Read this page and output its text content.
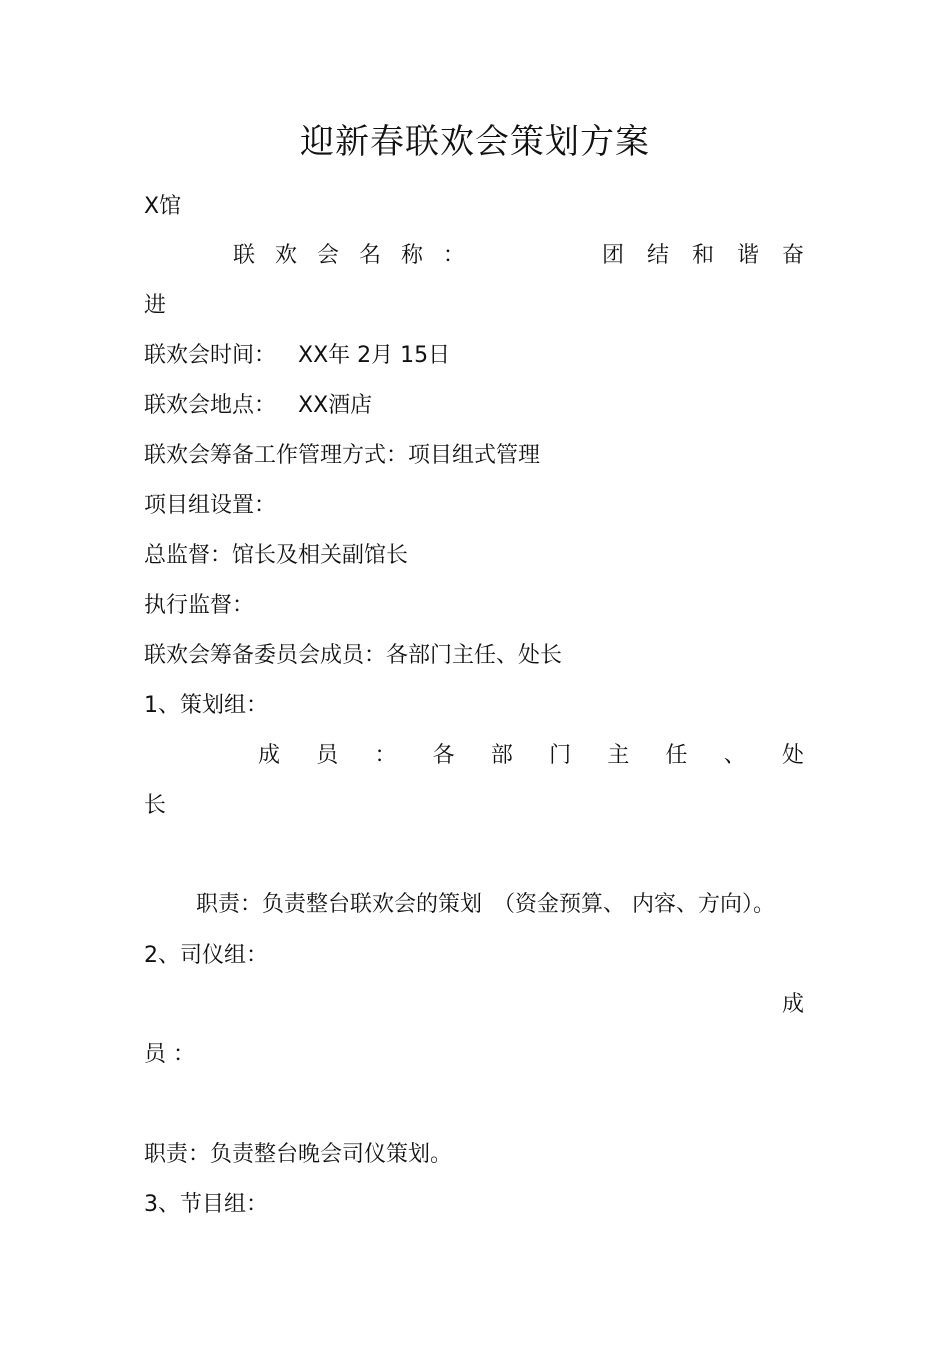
迎新春联欢会策划方案
X馆
联 欢 会 名 称 ：	团 结 和 谐 奋
进
联欢会时间： XX年 2月 15日
联欢会地点： XX酒店
联欢会筹备工作管理方式：项目组式管理
项目组设置：
总监督：馆长及相关副馆长
执行监督：
联欢会筹备委员会成员：各部门主任、处长
1、策划组：
成 员 ： 各 部 门 主 任 、 处
长
职责：负责整台联欢会的策划　（资金预算、 内容、方向）。
2、司仪组：
成
员 ：
职责：负责整台晚会司仪策划。
3、节目组：
